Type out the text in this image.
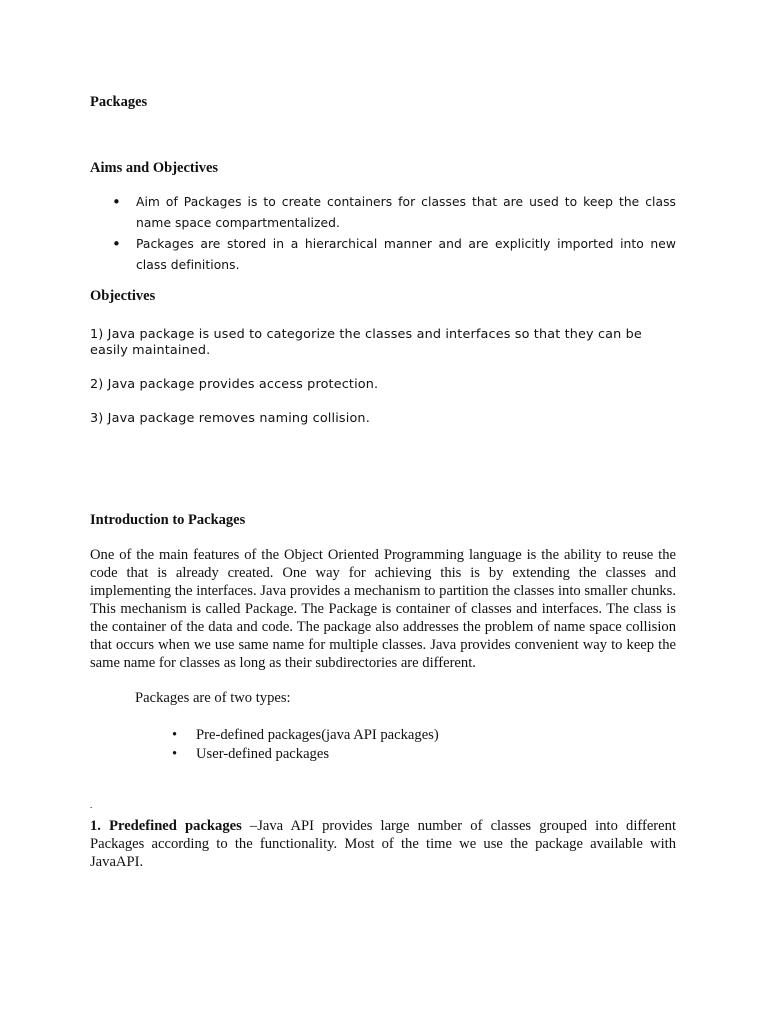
Packages
Aims and Objectives
• Aim of Packages is to create containers for classes that are used to keep the class name space compartmentalized.
• Packages are stored in a hierarchical manner and are explicitly imported into new class definitions.
Objectives
1) Java package is used to categorize the classes and interfaces so that they can be easily maintained.
2) Java package provides access protection.
3) Java package removes naming collision.
Introduction to Packages
One of the main features of the Object Oriented Programming language is the ability to reuse the code that is already created. One way for achieving this is by extending the classes and implementing the interfaces. Java provides a mechanism to partition the classes into smaller chunks. This mechanism is called Package. The Package is container of classes and interfaces. The class is the container of the data and code. The package also addresses the problem of name space collision that occurs when we use same name for multiple classes. Java provides convenient way to keep the same name for classes as long as their subdirectories are different.
Packages are of two types:
• Pre-defined packages(java API packages)
• User-defined packages
.
1. Predefined packages –Java API provides large number of classes grouped into different Packages according to the functionality. Most of the time we use the package available with JavaAPI.
